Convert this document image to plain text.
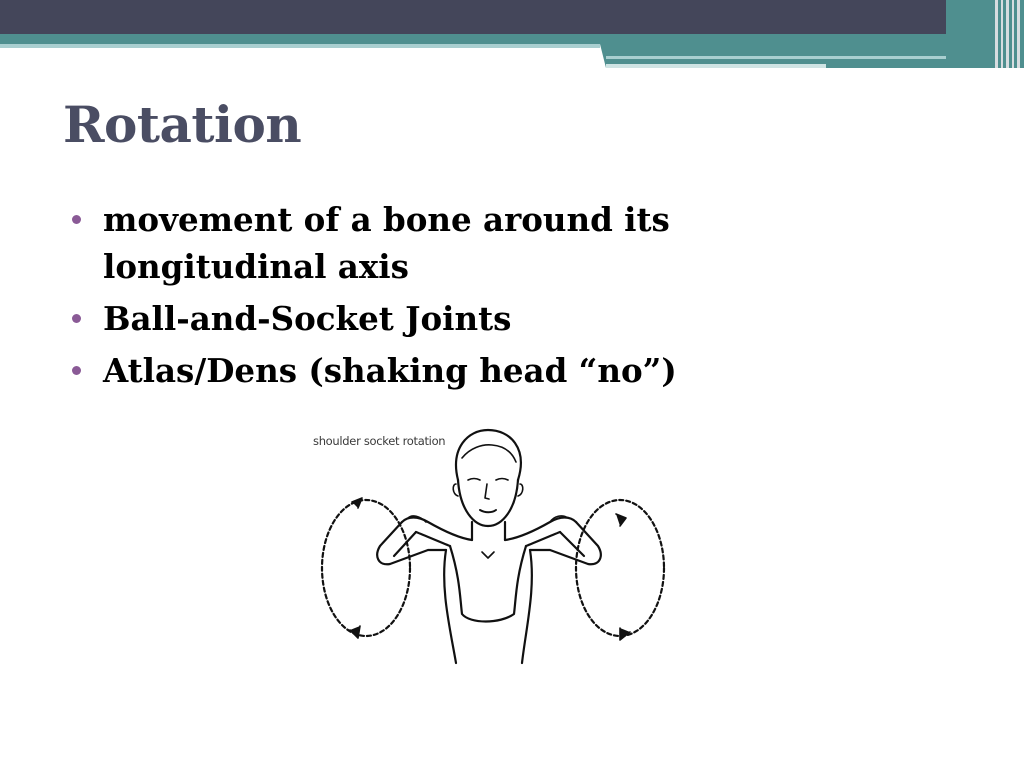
Rotation
movement of a bone around its longitudinal axis
Ball-and-Socket Joints
Atlas/Dens (shaking head “no”)
shoulder socket rotation
